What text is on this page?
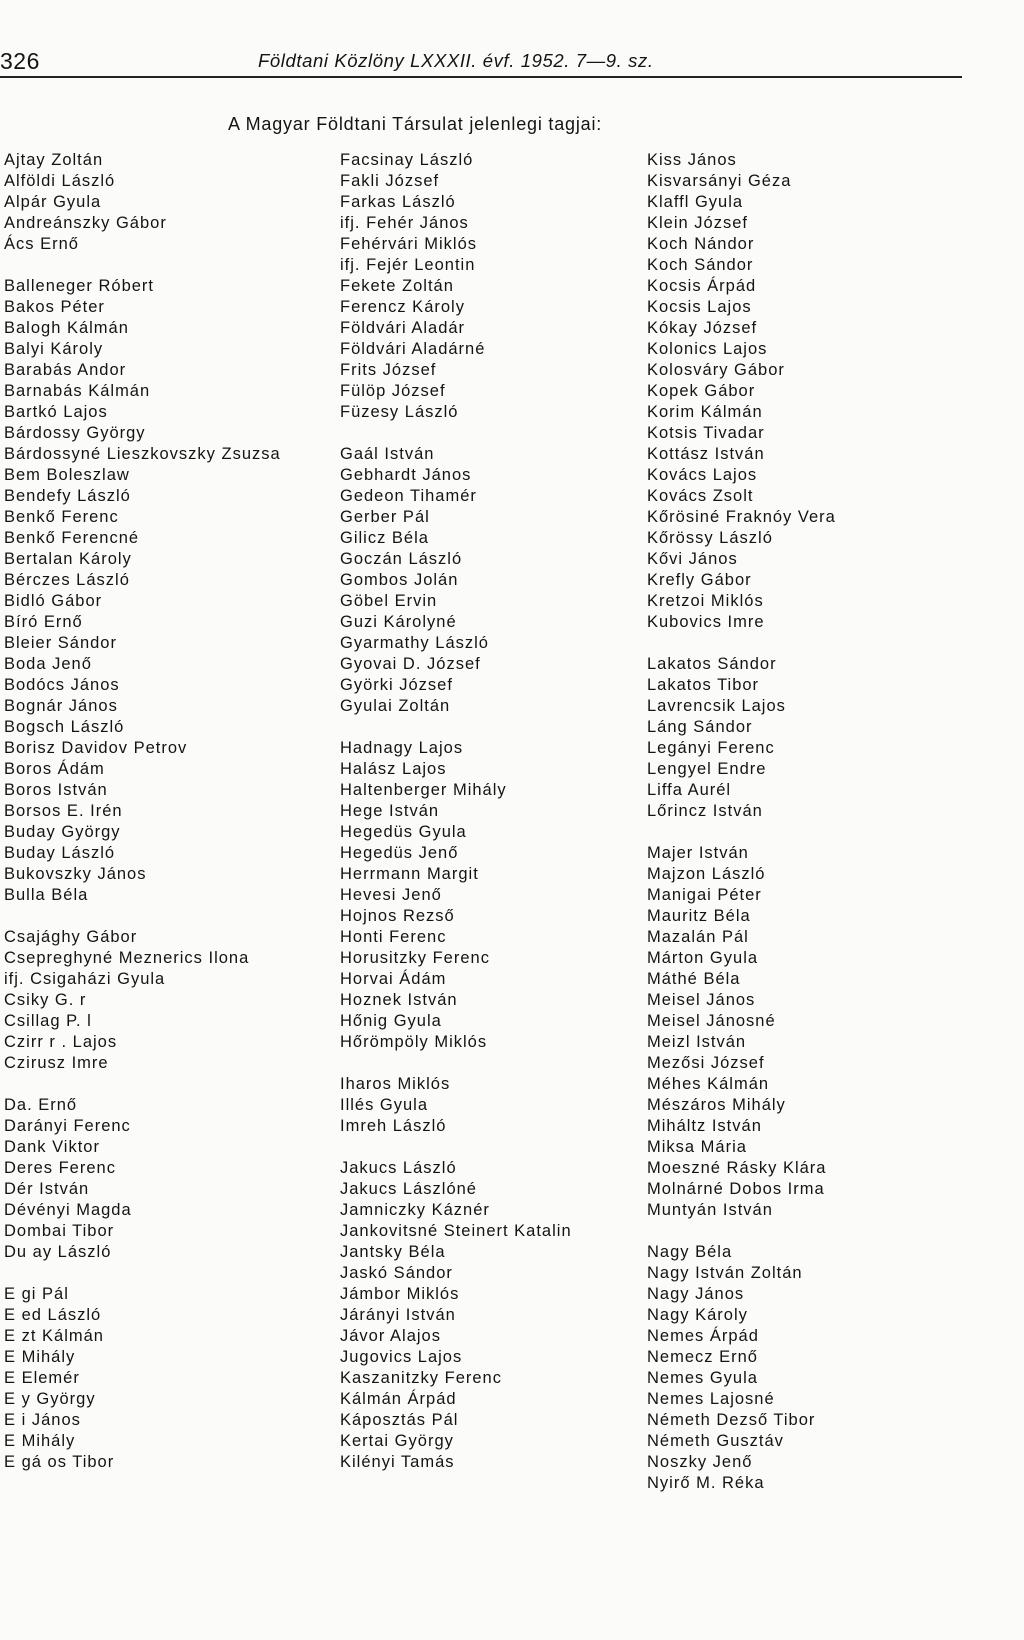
326	Földtani Közlöny LXXXII. évf. 1952. 7—9. sz.
A Magyar Földtani Társulat jelenlegi tagjai:
Ajtay Zoltán
Alföldi László
Alpár Gyula
Andreánszky Gábor
Ács Ernő
Balleneger Róbert
Bakos Péter
Balogh Kálmán
Balyi Károly
Barabás Andor
Barnabás Kálmán
Bartkó Lajos
Bárdossy György
Bárdossyné Lieszkovszky Zsuzsa
Bem Boleszlaw
Bendefy László
Benkő Ferenc
Benkő Ferencné
Bertalan Károly
Bérczes László
Bidló Gábor
Bíró Ernő
Bleier Sándor
Boda Jenő
Bodócs János
Bognár János
Bogsch László
Borisz Davidov Petrov
Boros Ádám
Boros István
Borsos E. Irén
Buday György
Buday László
Bukovszky János
Bulla Béla
Csajághy Gábor
Csepreghyné Meznerics Ilona
ifj. Csigaházi Gyula
Csiky G. r
Csillag P. l
Czirr r . Lajos
Czirusz Imre
Da. Ernő
Darányi Ferenc
Dank Viktor
Deres Ferenc
Dér István
Dévényi Magda
Dombai Tibor
Du ay László
E gi Pál
E ed László
E zt Kálmán
E Mihály
E Elemér
E y György
E i János
E Mihály
E gá os Tibor
Facsinay László
Fakli József
Farkas László
ifj. Fehér János
Fehérvári Miklós
ifj. Fejér Leontin
Fekete Zoltán
Ferencz Károly
Földvári Aladár
Földvári Aladárné
Frits József
Fülöp József
Füzesy László
Gaál István
Gebhardt János
Gedeon Tihamér
Gerber Pál
Gilicz Béla
Goczán László
Gombos Jolán
Göbel Ervin
Guzi Károlyné
Gyarmathy László
Gyovai D. József
Györki József
Gyulai Zoltán
Hadnagy Lajos
Halász Lajos
Haltenberger Mihály
Hege István
Hegedüs Gyula
Hegedüs Jenő
Herrmann Margit
Hevesi Jenő
Hojnos Rezső
Honti Ferenc
Horusitzky Ferenc
Horvai Ádám
Hoznek István
Hőnig Gyula
Hőrömpöly Miklós
Iharos Miklós
Illés Gyula
Imreh László
Jakucs László
Jakucs Lászlóné
Jamniczky Káznér
Jankovitsné Steinert Katalin
Jantsky Béla
Jaskó Sándor
Jámbor Miklós
Járányi István
Jávor Alajos
Jugovics Lajos
Kaszanitzky Ferenc
Kálmán Árpád
Káposztás Pál
Kertai György
Kilényi Tamás
Kiss János
Kisvarsányi Géza
Klaffl Gyula
Klein József
Koch Nándor
Koch Sándor
Kocsis Árpád
Kocsis Lajos
Kókay József
Kolonics Lajos
Kolosváry Gábor
Kopek Gábor
Korim Kálmán
Kotsis Tivadar
Kottász István
Kovács Lajos
Kovács Zsolt
Kőrösiné Fraknóy Vera
Kőrössy László
Kővi János
Krefly Gábor
Kretzoi Miklós
Kubovics Imre
Lakatos Sándor
Lakatos Tibor
Lavrencsik Lajos
Láng Sándor
Legányi Ferenc
Lengyel Endre
Liffa Aurél
Lőrincz István
Majer István
Majzon László
Manigai Péter
Mauritz Béla
Mazalán Pál
Márton Gyula
Máthé Béla
Meisel János
Meisel Jánosné
Meizl István
Mezősi József
Méhes Kálmán
Mészáros Mihály
Miháltz István
Miksa Mária
Moeszné Rásky Klára
Molnárné Dobos Irma
Muntyán István
Nagy Béla
Nagy István Zoltán
Nagy János
Nagy Károly
Nemes Árpád
Nemecz Ernő
Nemes Gyula
Nemes Lajosné
Németh Dezső Tibor
Németh Gusztáv
Noszky Jenő
Nyirő M. Réka
